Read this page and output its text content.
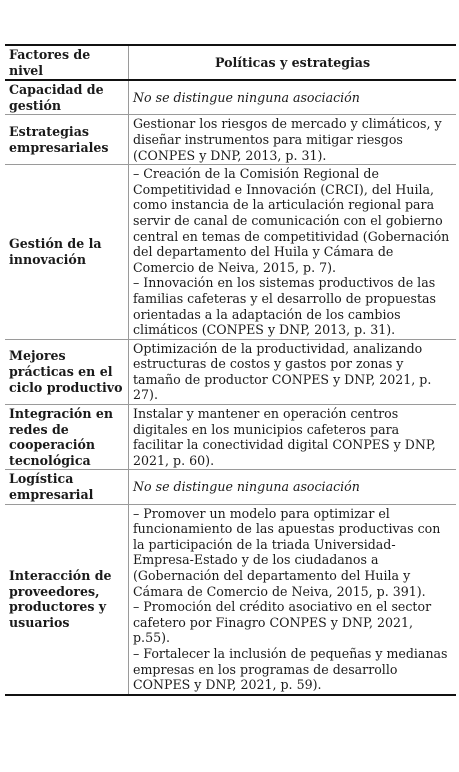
Factores de nivel	Políticas y estrategias
Capacidad de gestión	No se distingue ninguna asociación

Estrategias empresariales	Gestionar los riesgos de mercado y climáticos, y diseñar instrumentos para mitigar riesgos (CONPES y DNP, 2013, p. 31).

Gestión de la innovación	– Creación de la Comisión Regional de Competitividad e Innovación (CRCI), del Huila, como instancia de la articulación regional para servir de canal de comunicación con el gobierno central en temas de competitividad (Gobernación del departamento del Huila y Cámara de Comercio de Neiva, 2015, p. 7).
– Innovación en los sistemas productivos de las familias cafeteras y el desarrollo de propuestas orientadas a la adaptación de los cambios climáticos (CONPES y DNP, 2013, p. 31).

Mejores prácticas en el ciclo productivo	Optimización de la productividad, analizando estructuras de costos y gastos por zonas y tamaño de productor CONPES y DNP, 2021, p. 27).

Integración en redes de cooperación tecnológica	Instalar y mantener en operación centros digitales en los municipios cafeteros para facilitar la conectividad digital CONPES y DNP, 2021, p. 60).

Logística empresarial	No se distingue ninguna asociación

Interacción de proveedores, productores y usuarios	– Promover un modelo para optimizar el funcionamiento de las apuestas productivas con la participación de la triada Universidad-Empresa-Estado y de los ciudadanos a (Gobernación del departamento del Huila y Cámara de Comercio de Neiva, 2015, p. 391).
– Promoción del crédito asociativo en el sector cafetero por Finagro CONPES y DNP, 2021, p.55).
– Fortalecer la inclusión de pequeñas y medianas empresas en los programas de desarrollo CONPES y DNP, 2021, p. 59).
